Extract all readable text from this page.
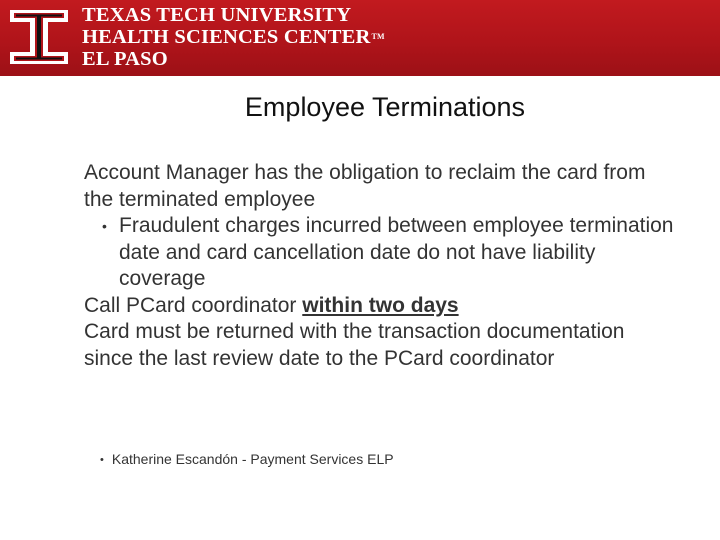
TEXAS TECH UNIVERSITY
HEALTH SCIENCES CENTER™
EL PASO
Employee Terminations

Account Manager has the obligation to reclaim the card from the terminated employee

• Fraudulent charges incurred between employee termination date and card cancellation date do not have liability coverage

Call PCard coordinator within two days

Card must be returned with the transaction documentation since the last review date to the PCard coordinator

• Katherine Escandón - Payment Services ELP
